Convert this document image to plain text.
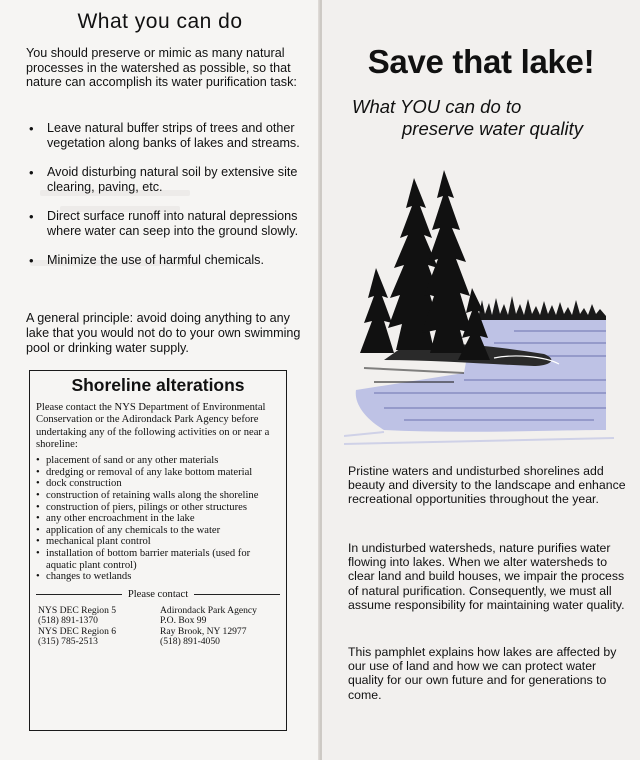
What you can do

You should preserve or mimic as many natural processes in the watershed as possible, so that nature can accomplish its water purification task:

• Leave natural buffer strips of trees and other vegetation along banks of lakes and streams.
• Avoid disturbing natural soil by extensive site clearing, paving, etc.
• Direct surface runoff into natural depressions where water can seep into the ground slowly.
• Minimize the use of harmful chemicals.

A general principle: avoid doing anything to any lake that you would not do to your own swimming pool or drinking water supply.

Shoreline alterations

Please contact the NYS Department of Environmental Conservation or the Adirondack Park Agency before undertaking any of the following activities on or near a shoreline:

• placement of sand or any other materials
• dredging or removal of any lake bottom material
• dock construction
• construction of retaining walls along the shoreline
• construction of piers, pilings or other structures
• any other encroachment in the lake
• application of any chemicals to the water
• mechanical plant control
• installation of bottom barrier materials (used for aquatic plant control)
• changes to wetlands
Please contact
NYS DEC Region 5
(518) 891-1370
NYS DEC Region 6
(315) 785-2513
Adirondack Park Agency
P.O. Box 99
Ray Brook, NY 12977
(518) 891-4050
Save that lake!
What YOU can do to
preserve water quality

Pristine waters and undisturbed shorelines add beauty and diversity to the landscape and enhance recreational opportunities throughout the year.

In undisturbed watersheds, nature purifies water flowing into lakes. When we alter watersheds to clear land and build houses, we impair the process of natural purification. Consequently, we must all assume responsibility for maintaining water quality.

This pamphlet explains how lakes are affected by our use of land and how we can protect water quality for our own future and for generations to come.
